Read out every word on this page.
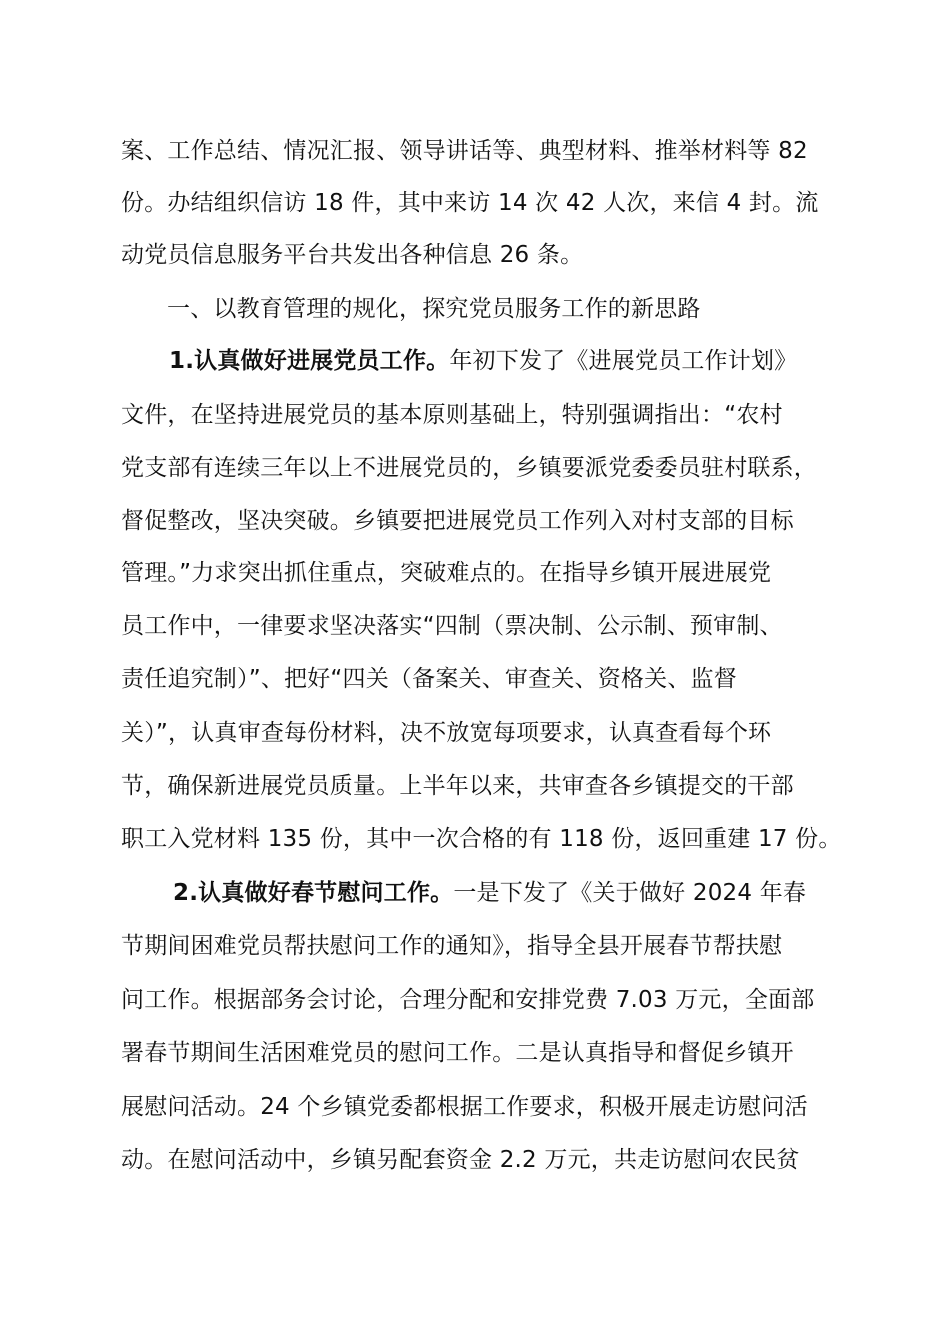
案、工作总结、情况汇报、领导讲话等、典型材料、推举材料等 82
份。办结组织信访 18 件，其中来访 14 次 42 人次，来信 4 封。流
动党员信息服务平台共发出各种信息 26 条。
一、以教育管理的规化，探究党员服务工作的新思路
1.认真做好进展党员工作。年初下发了《进展党员工作计划》
文件，在坚持进展党员的基本原则基础上，特别强调指出：“农村
党支部有连续三年以上不进展党员的，乡镇要派党委委员驻村联系，
督促整改，坚决突破。乡镇要把进展党员工作列入对村支部的目标
管理。”力求突出抓住重点，突破难点的。在指导乡镇开展进展党
员工作中，一律要求坚决落实“四制（票决制、公示制、预审制、
责任追究制）”、把好“四关（备案关、审查关、资格关、监督
关）”，认真审查每份材料，决不放宽每项要求，认真查看每个环
节，确保新进展党员质量。上半年以来，共审查各乡镇提交的干部
职工入党材料 135 份，其中一次合格的有 118 份，返回重建 17 份。
2.认真做好春节慰问工作。一是下发了《关于做好 2024 年春
节期间困难党员帮扶慰问工作的通知》，指导全县开展春节帮扶慰
问工作。根据部务会讨论，合理分配和安排党费 7.03 万元，全面部
署春节期间生活困难党员的慰问工作。二是认真指导和督促乡镇开
展慰问活动。24 个乡镇党委都根据工作要求，积极开展走访慰问活
动。在慰问活动中，乡镇另配套资金 2.2 万元，共走访慰问农民贫
